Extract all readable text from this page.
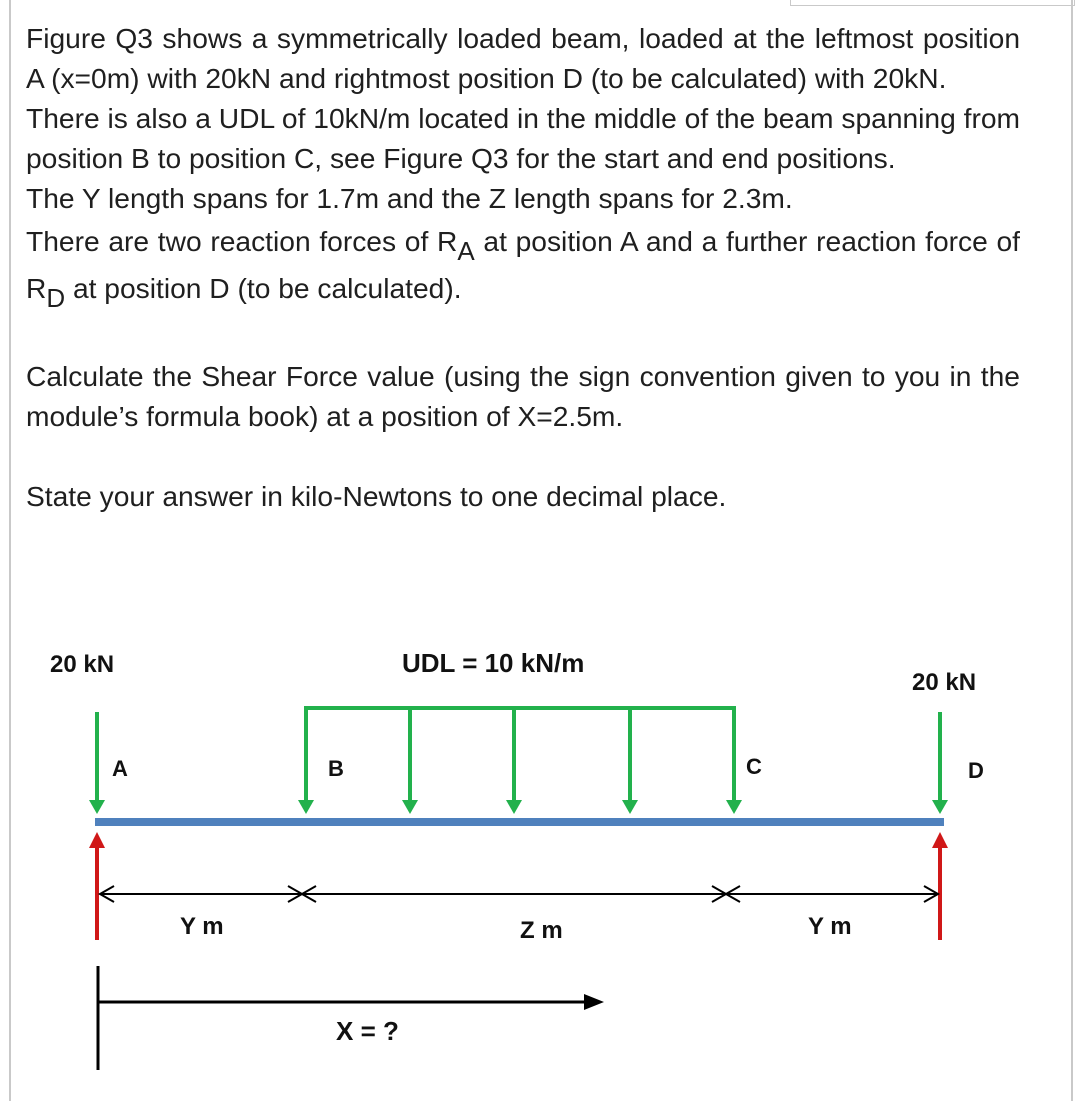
Figure Q3 shows a symmetrically loaded beam, loaded at the leftmost position A (x=0m) with 20kN and rightmost position D (to be calculated) with 20kN.

There is also a UDL of 10kN/m located in the middle of the beam spanning from position B to position C, see Figure Q3 for the start and end positions.

The Y length spans for 1.7m and the Z length spans for 2.3m.

There are two reaction forces of RA at position A and a further reaction force of RD at position D (to be calculated).

Calculate the Shear Force value (using the sign convention given to you in the module’s formula book) at a position of X=2.5m.

State your answer in kilo-Newtons to one decimal place.

20 kN	UDL = 10 kN/m
20 kN
A	B	C	D
Y m	Z m	Y m
X = ?
